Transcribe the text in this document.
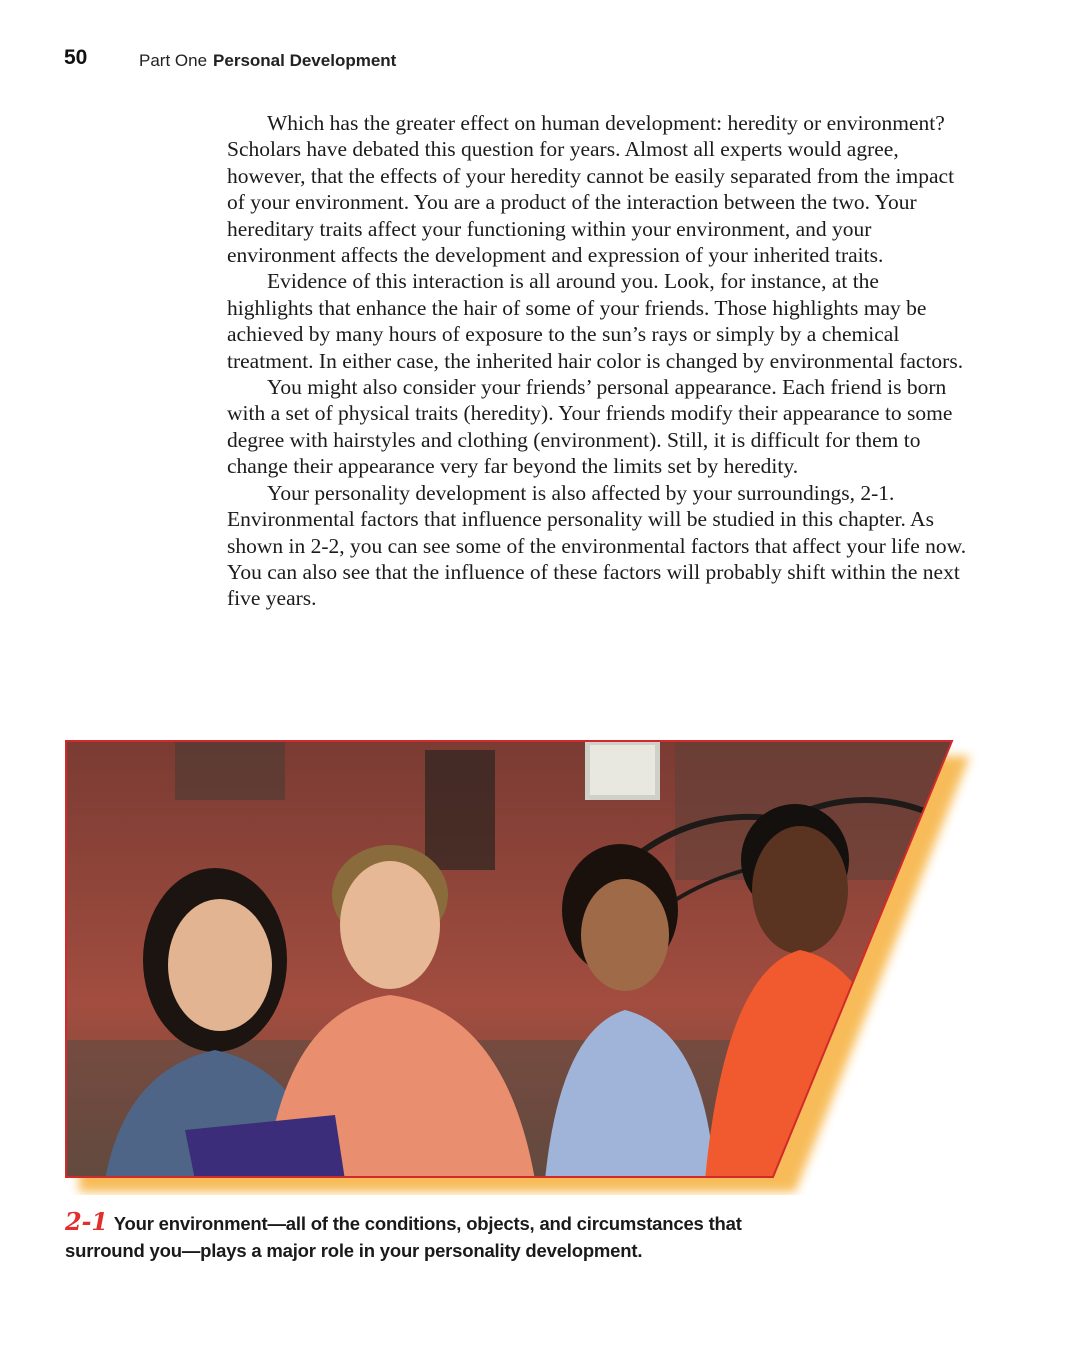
50	Part One Personal Development

Which has the greater effect on human development: heredity or environment? Scholars have debated this question for years. Almost all experts would agree, however, that the effects of your heredity cannot be easily separated from the impact of your environment. You are a product of the interaction between the two. Your hereditary traits affect your functioning within your environment, and your environment affects the development and expression of your inherited traits.

Evidence of this interaction is all around you. Look, for instance, at the highlights that enhance the hair of some of your friends. Those highlights may be achieved by many hours of exposure to the sun’s rays or simply by a chemical treatment. In either case, the inherited hair color is changed by environmental factors.

You might also consider your friends’ personal appearance. Each friend is born with a set of physical traits (heredity). Your friends modify their appearance to some degree with hairstyles and clothing (environment). Still, it is difficult for them to change their appearance very far beyond the limits set by heredity.

Your personality development is also affected by your surroundings, 2-1. Environmental factors that influence personality will be studied in this chapter. As shown in 2-2, you can see some of the environmental factors that affect your life now. You can also see that the influence of these factors will probably shift within the next five years.

2-1 Your environment—all of the conditions, objects, and circumstances that surround you—plays a major role in your personality development.
